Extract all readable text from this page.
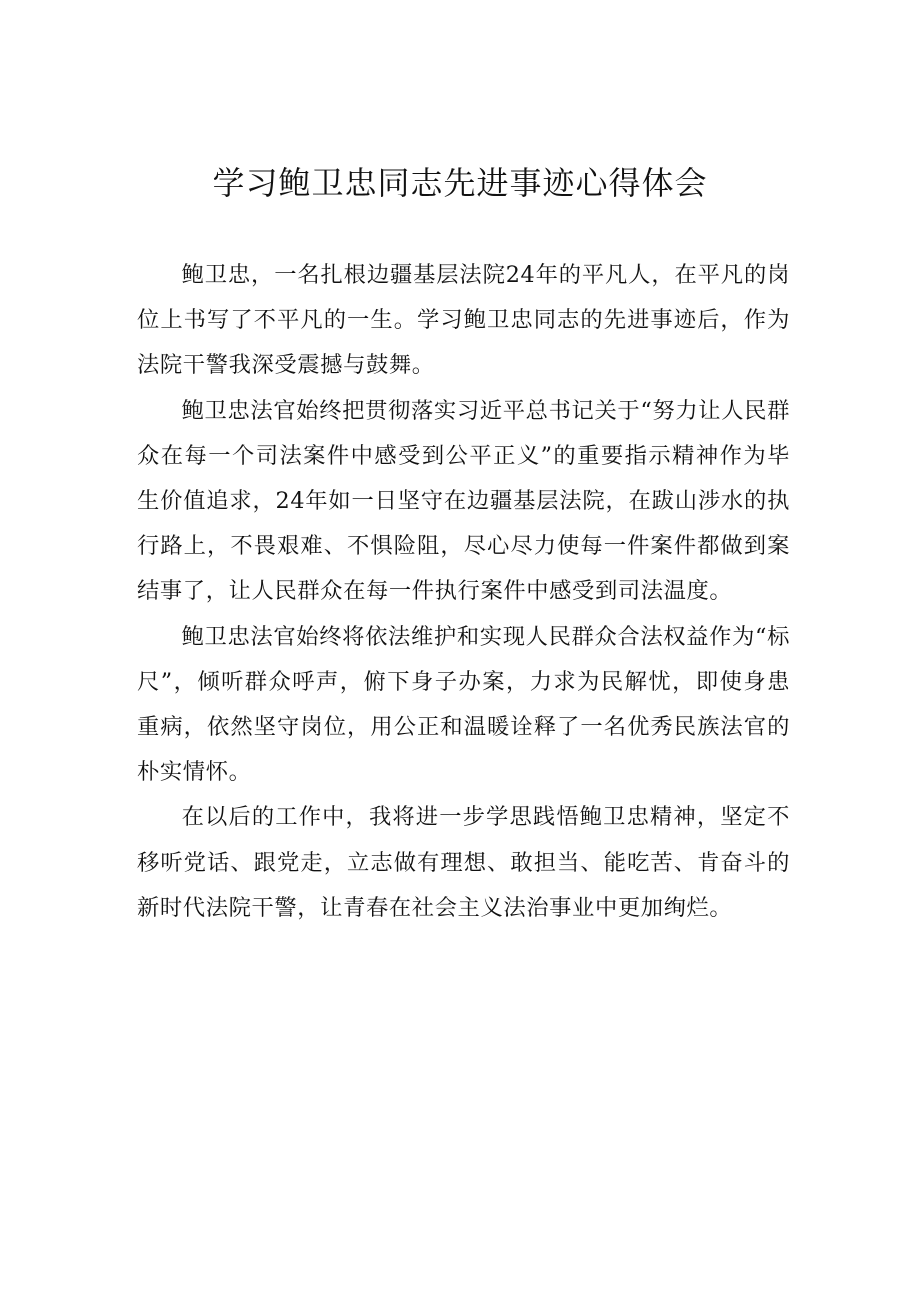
学习鲍卫忠同志先进事迹心得体会

鲍卫忠，一名扎根边疆基层法院24年的平凡人，在平凡的岗位上书写了不平凡的一生。学习鲍卫忠同志的先进事迹后，作为法院干警我深受震撼与鼓舞。

鲍卫忠法官始终把贯彻落实习近平总书记关于“努力让人民群众在每一个司法案件中感受到公平正义”的重要指示精神作为毕生价值追求，24年如一日坚守在边疆基层法院，在跋山涉水的执行路上，不畏艰难、不惧险阻，尽心尽力使每一件案件都做到案结事了，让人民群众在每一件执行案件中感受到司法温度。

鲍卫忠法官始终将依法维护和实现人民群众合法权益作为“标尺”，倾听群众呼声，俯下身子办案，力求为民解忧，即使身患重病，依然坚守岗位，用公正和温暖诠释了一名优秀民族法官的朴实情怀。

在以后的工作中，我将进一步学思践悟鲍卫忠精神，坚定不移听党话、跟党走，立志做有理想、敢担当、能吃苦、肯奋斗的新时代法院干警，让青春在社会主义法治事业中更加绚烂。
